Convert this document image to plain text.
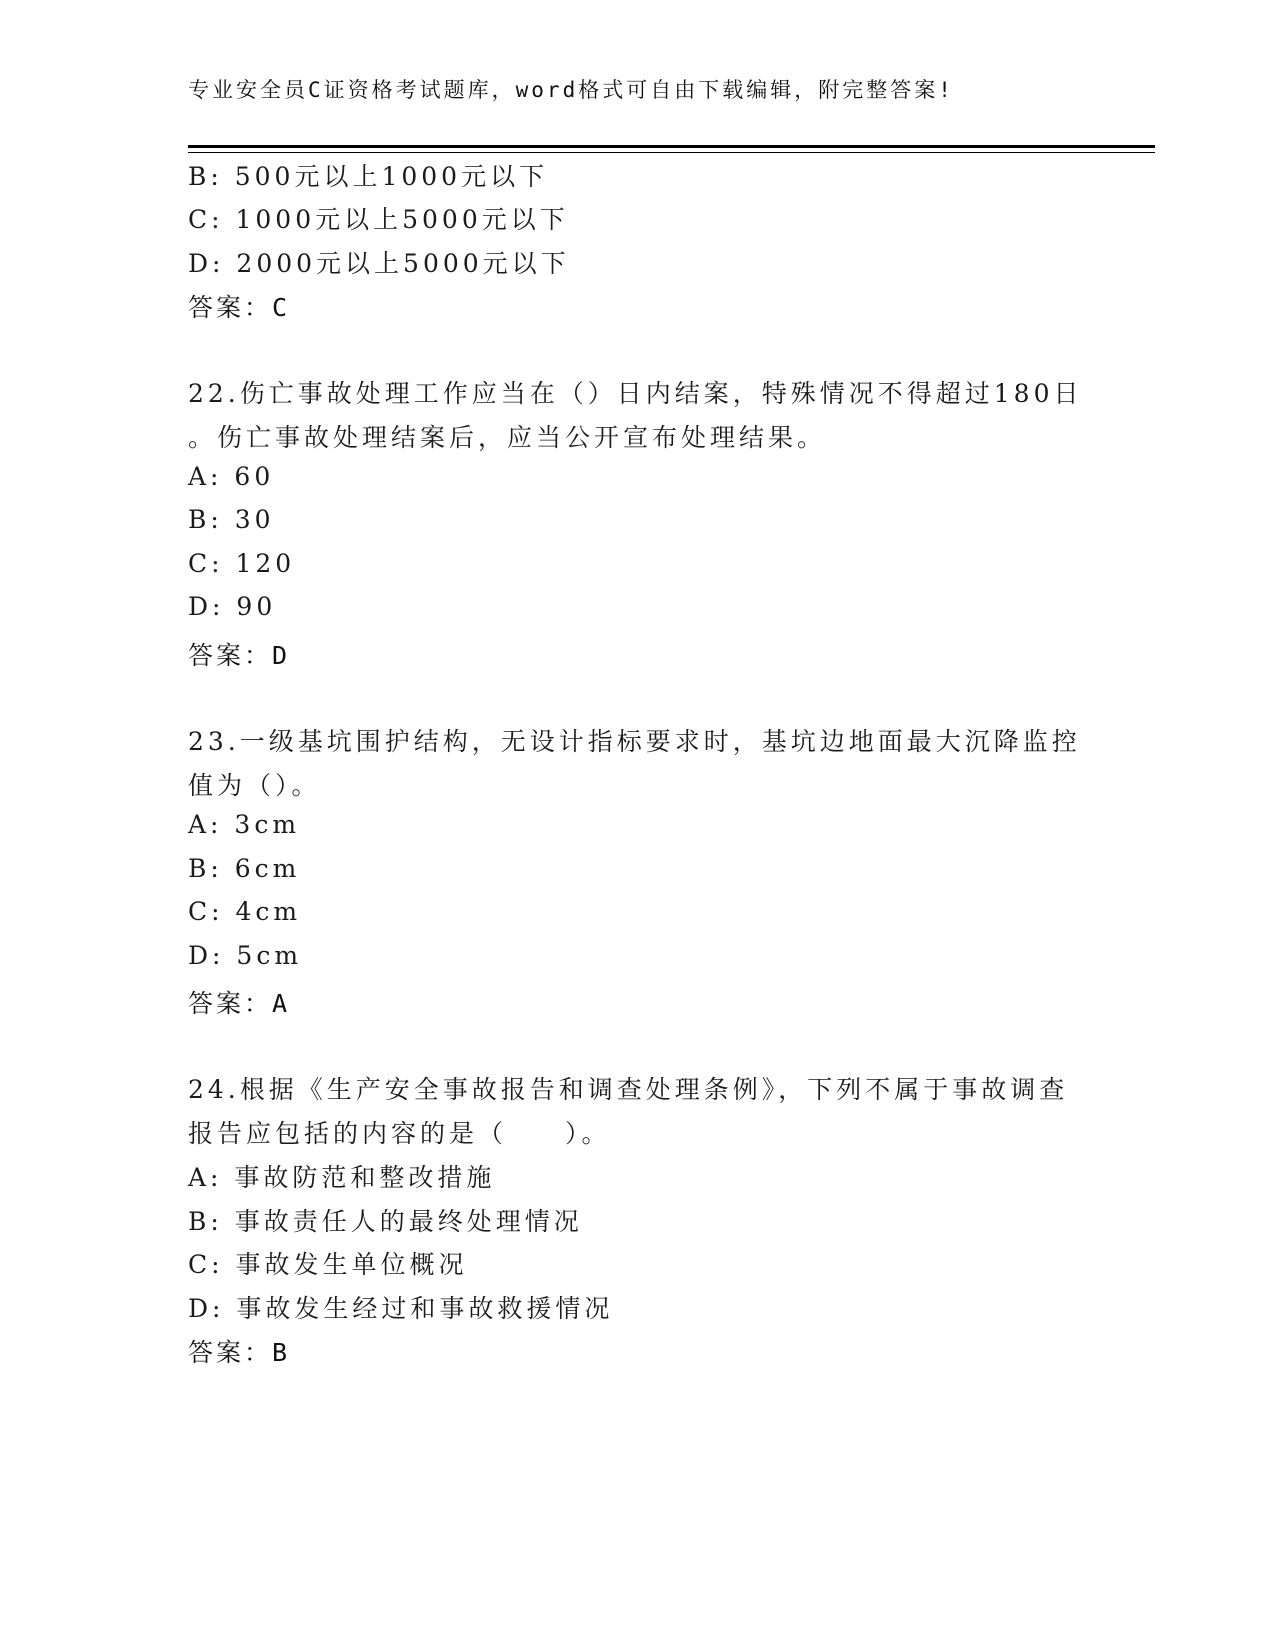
专业安全员C证资格考试题库，word格式可自由下载编辑，附完整答案!
B: 500元以上1000元以下
C: 1000元以上5000元以下
D: 2000元以上5000元以下
答案：C
22.伤亡事故处理工作应当在（）日内结案，特殊情况不得超过180日
。伤亡事故处理结案后，应当公开宣布处理结果。
A: 60
B: 30
C: 120
D: 90
答案：D
23.一级基坑围护结构，无设计指标要求时，基坑边地面最大沉降监控
值为（）。
A: 3cm
B: 6cm
C: 4cm
D: 5cm
答案：A
24.根据《生产安全事故报告和调查处理条例》，下列不属于事故调查
报告应包括的内容的是（　　）。
A: 事故防范和整改措施
B: 事故责任人的最终处理情况
C: 事故发生单位概况
D: 事故发生经过和事故救援情况
答案：B
